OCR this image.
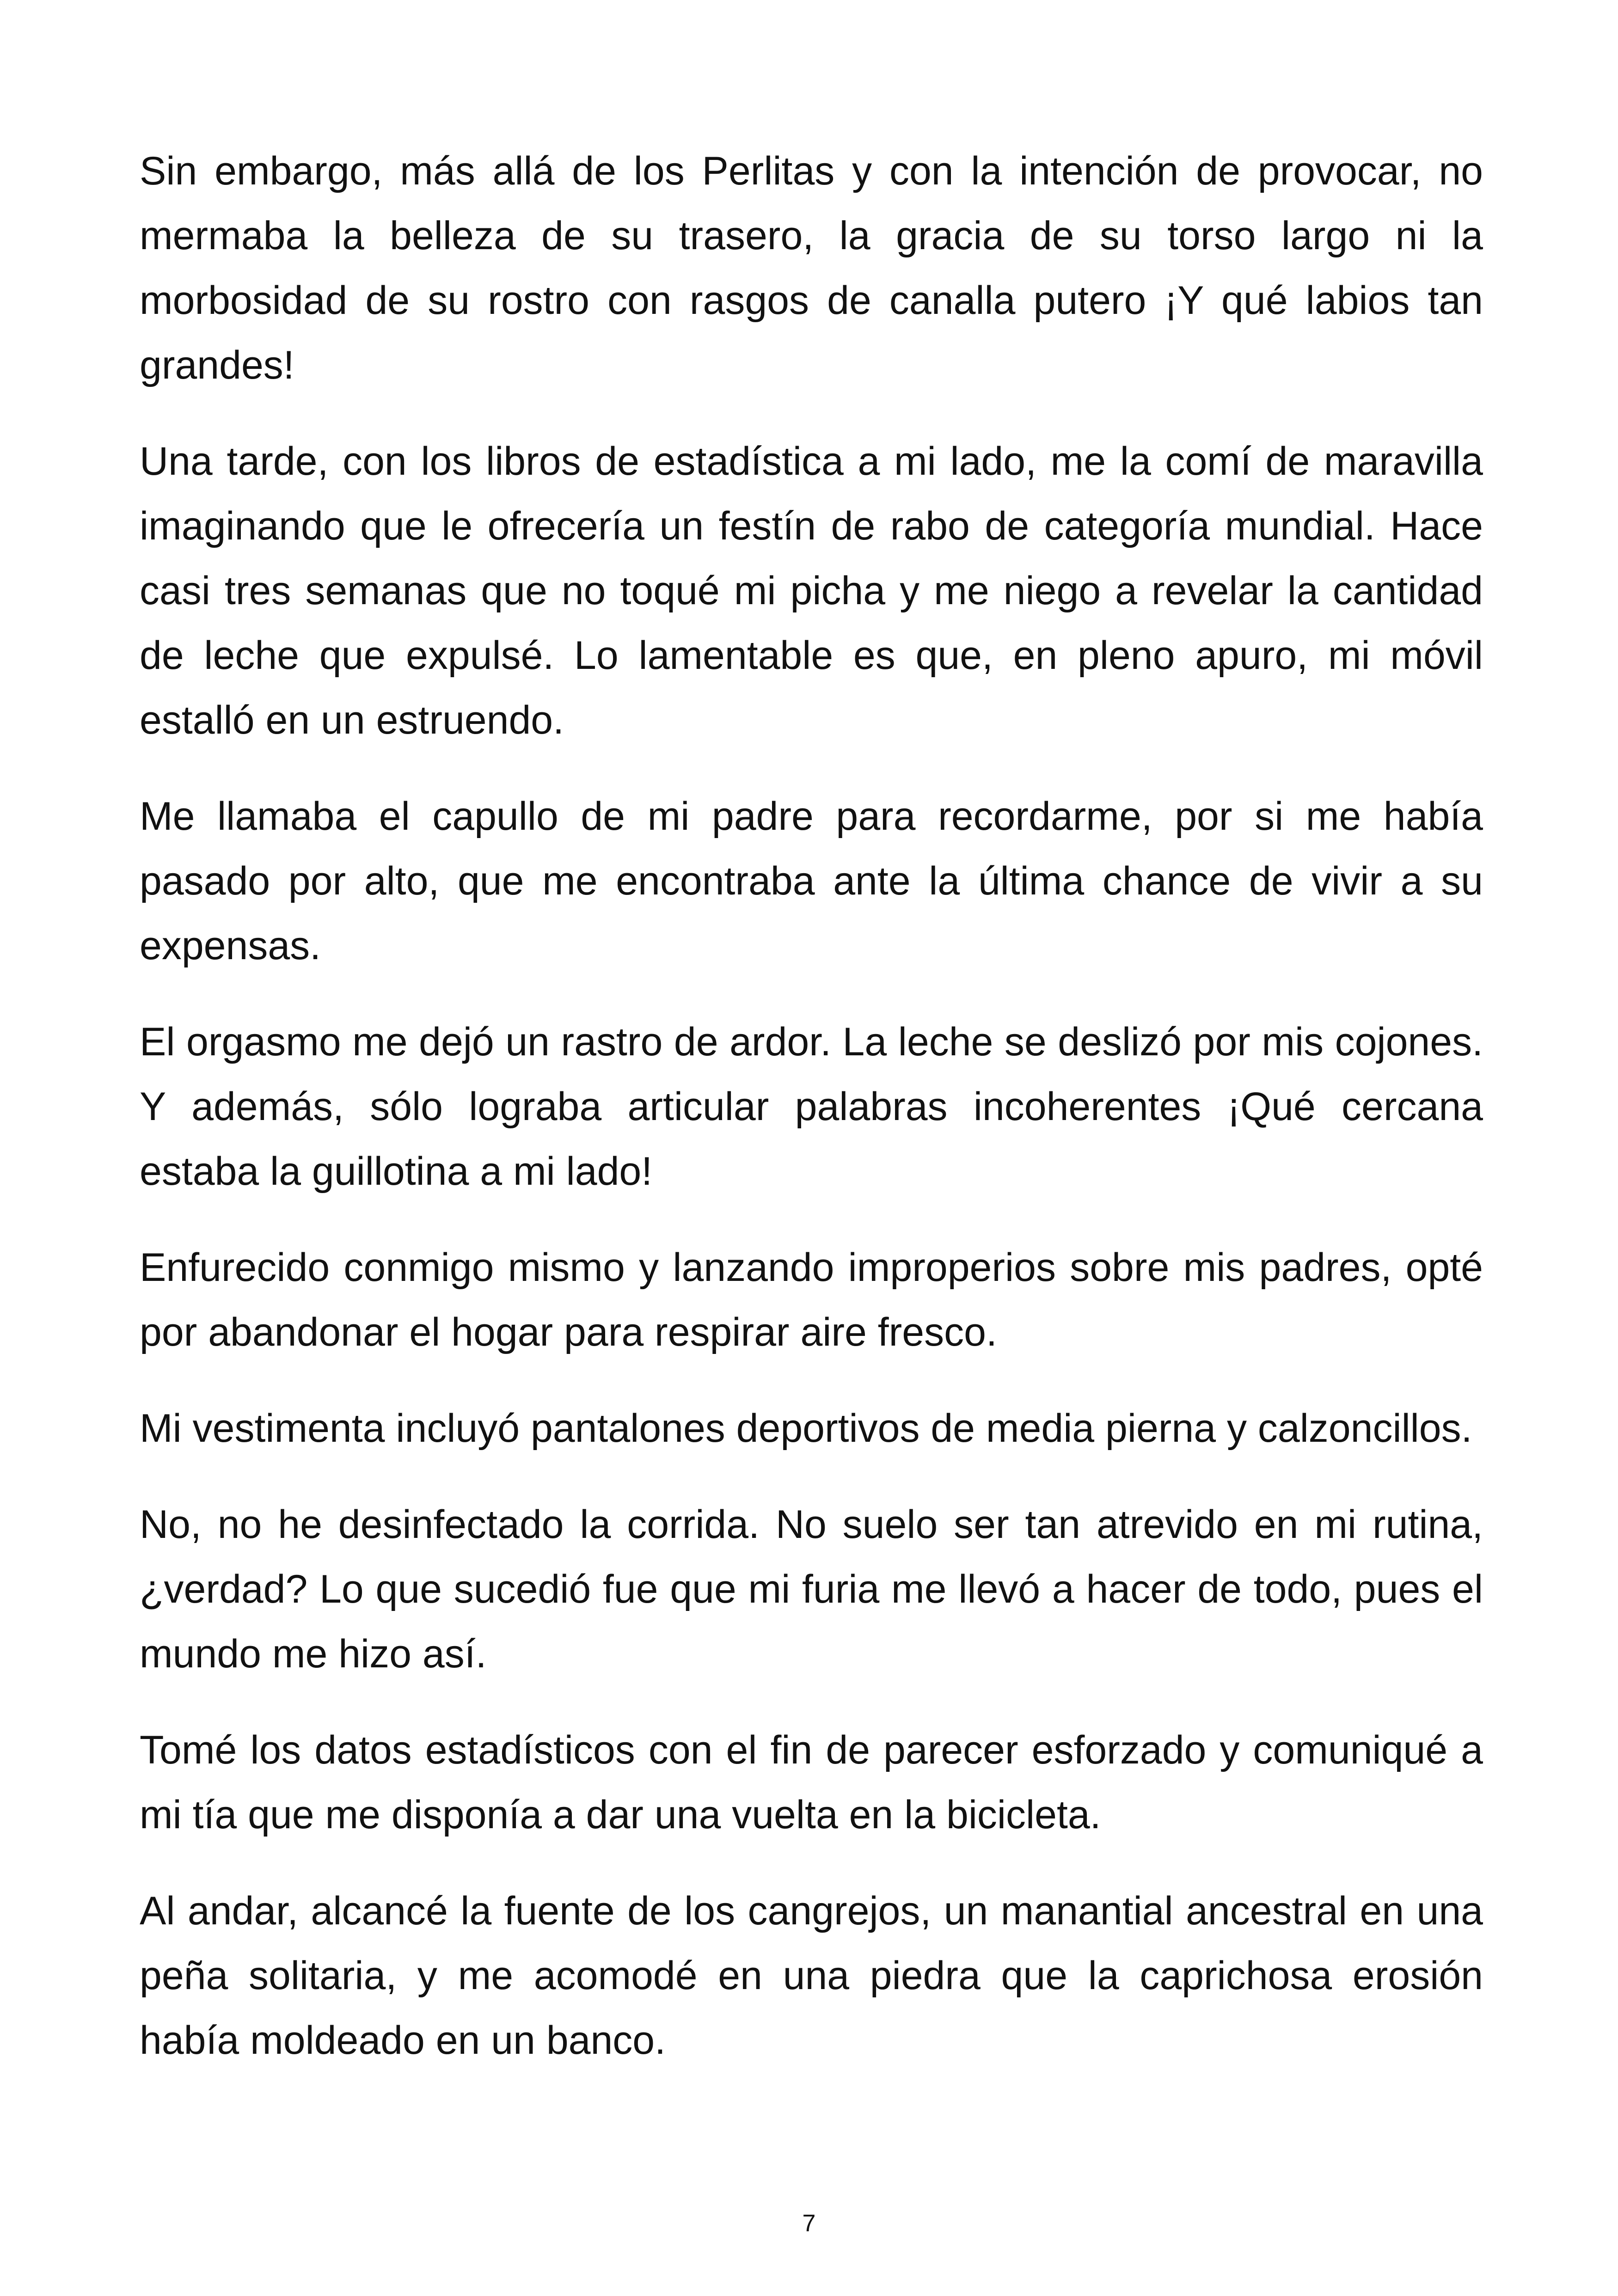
Sin embargo, más allá de los Perlitas y con la intención de provocar, no mermaba la belleza de su trasero, la gracia de su torso largo ni la morbosidad de su rostro con rasgos de canalla putero ¡Y qué labios tan grandes!

Una tarde, con los libros de estadística a mi lado, me la comí de maravilla imaginando que le ofrecería un festín de rabo de categoría mundial. Hace casi tres semanas que no toqué mi picha y me niego a revelar la cantidad de leche que expulsé. Lo lamentable es que, en pleno apuro, mi móvil estalló en un estruendo.

Me llamaba el capullo de mi padre para recordarme, por si me había pasado por alto, que me encontraba ante la última chance de vivir a su expensas.

El orgasmo me dejó un rastro de ardor. La leche se deslizó por mis cojones. Y además, sólo lograba articular palabras incoherentes ¡Qué cercana estaba la guillotina a mi lado!

Enfurecido conmigo mismo y lanzando improperios sobre mis padres, opté por abandonar el hogar para respirar aire fresco.

Mi vestimenta incluyó pantalones deportivos de media pierna y calzoncillos.

No, no he desinfectado la corrida. No suelo ser tan atrevido en mi rutina, ¿verdad? Lo que sucedió fue que mi furia me llevó a hacer de todo, pues el mundo me hizo así.

Tomé los datos estadísticos con el fin de parecer esforzado y comuniqué a mi tía que me disponía a dar una vuelta en la bicicleta.

Al andar, alcancé la fuente de los cangrejos, un manantial ancestral en una peña solitaria, y me acomodé en una piedra que la caprichosa erosión había moldeado en un banco.

7
